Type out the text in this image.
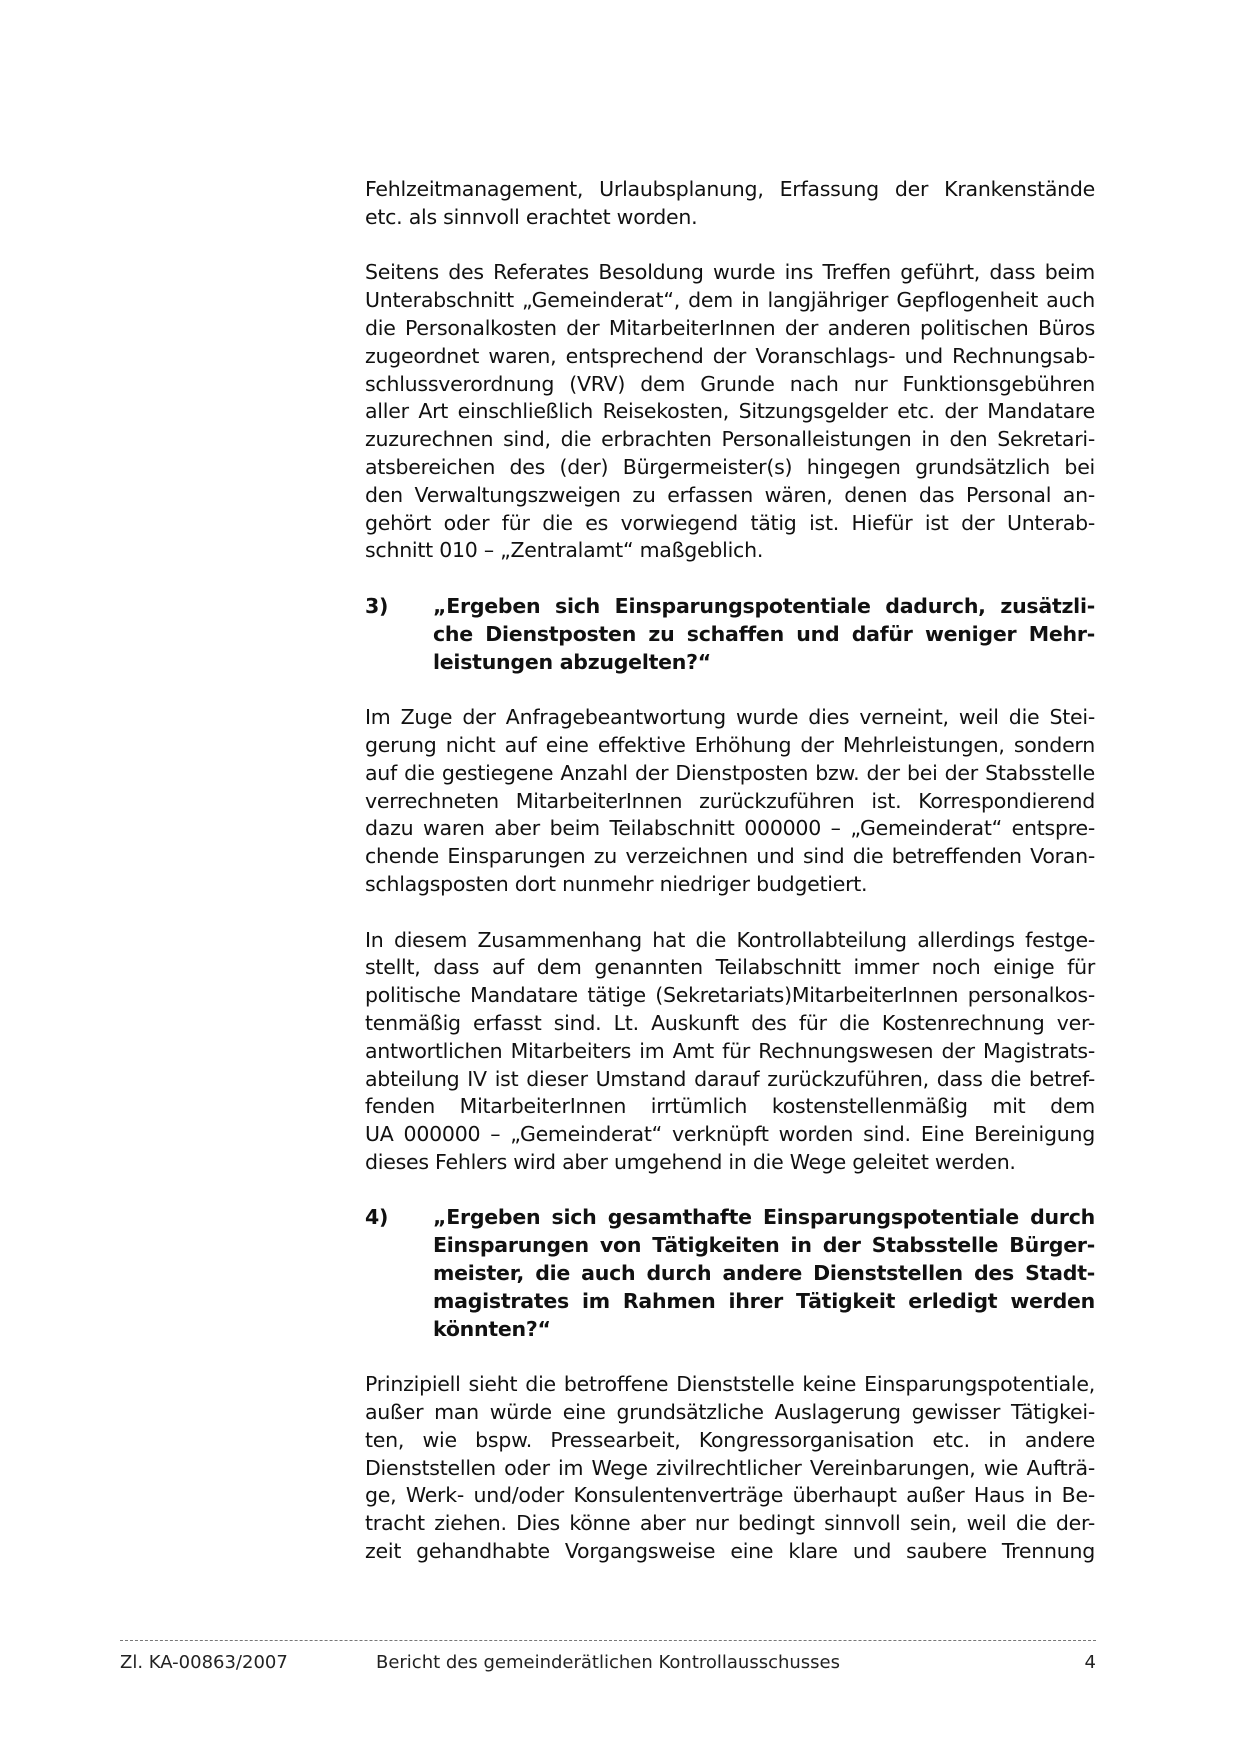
Fehlzeitmanagement, Urlaubsplanung, Erfassung der Krankenstände
etc. als sinnvoll erachtet worden.

Seitens des Referates Besoldung wurde ins Treffen geführt, dass beim
Unterabschnitt „Gemeinderat“, dem in langjähriger Gepflogenheit auch
die Personalkosten der MitarbeiterInnen der anderen politischen Büros
zugeordnet waren, entsprechend der Voranschlags- und Rechnungsab-
schlussverordnung (VRV) dem Grunde nach nur Funktionsgebühren
aller Art einschließlich Reisekosten, Sitzungsgelder etc. der Mandatare
zuzurechnen sind, die erbrachten Personalleistungen in den Sekretari-
atsbereichen des (der) Bürgermeister(s) hingegen grundsätzlich bei
den Verwaltungszweigen zu erfassen wären, denen das Personal an-
gehört oder für die es vorwiegend tätig ist. Hiefür ist der Unterab-
schnitt 010 – „Zentralamt“ maßgeblich.

3)	„Ergeben sich Einsparungspotentiale dadurch, zusätzli-
che Dienstposten zu schaffen und dafür weniger Mehr-
leistungen abzugelten?“

Im Zuge der Anfragebeantwortung wurde dies verneint, weil die Stei-
gerung nicht auf eine effektive Erhöhung der Mehrleistungen, sondern
auf die gestiegene Anzahl der Dienstposten bzw. der bei der Stabsstelle
verrechneten MitarbeiterInnen zurückzuführen ist. Korrespondierend
dazu waren aber beim Teilabschnitt 000000 – „Gemeinderat“ entspre-
chende Einsparungen zu verzeichnen und sind die betreffenden Voran-
schlagsposten dort nunmehr niedriger budgetiert.

In diesem Zusammenhang hat die Kontrollabteilung allerdings festge-
stellt, dass auf dem genannten Teilabschnitt immer noch einige für
politische Mandatare tätige (Sekretariats)MitarbeiterInnen personalkos-
tenmäßig erfasst sind. Lt. Auskunft des für die Kostenrechnung ver-
antwortlichen Mitarbeiters im Amt für Rechnungswesen der Magistrats-
abteilung IV ist dieser Umstand darauf zurückzuführen, dass die betref-
fenden MitarbeiterInnen irrtümlich kostenstellenmäßig mit dem
UA 000000 – „Gemeinderat“ verknüpft worden sind. Eine Bereinigung
dieses Fehlers wird aber umgehend in die Wege geleitet werden.

4)	„Ergeben sich gesamthafte Einsparungspotentiale durch
Einsparungen von Tätigkeiten in der Stabsstelle Bürger-
meister, die auch durch andere Dienststellen des Stadt-
magistrates im Rahmen ihrer Tätigkeit erledigt werden
könnten?“

Prinzipiell sieht die betroffene Dienststelle keine Einsparungspotentiale,
außer man würde eine grundsätzliche Auslagerung gewisser Tätigkei-
ten, wie bspw. Pressearbeit, Kongressorganisation etc. in andere
Dienststellen oder im Wege zivilrechtlicher Vereinbarungen, wie Aufträ-
ge, Werk- und/oder Konsulentenverträge überhaupt außer Haus in Be-
tracht ziehen. Dies könne aber nur bedingt sinnvoll sein, weil die der-
zeit gehandhabte Vorgangsweise eine klare und saubere Trennung

Zl. KA-00863/2007	Bericht des gemeinderätlichen Kontrollausschusses	4
